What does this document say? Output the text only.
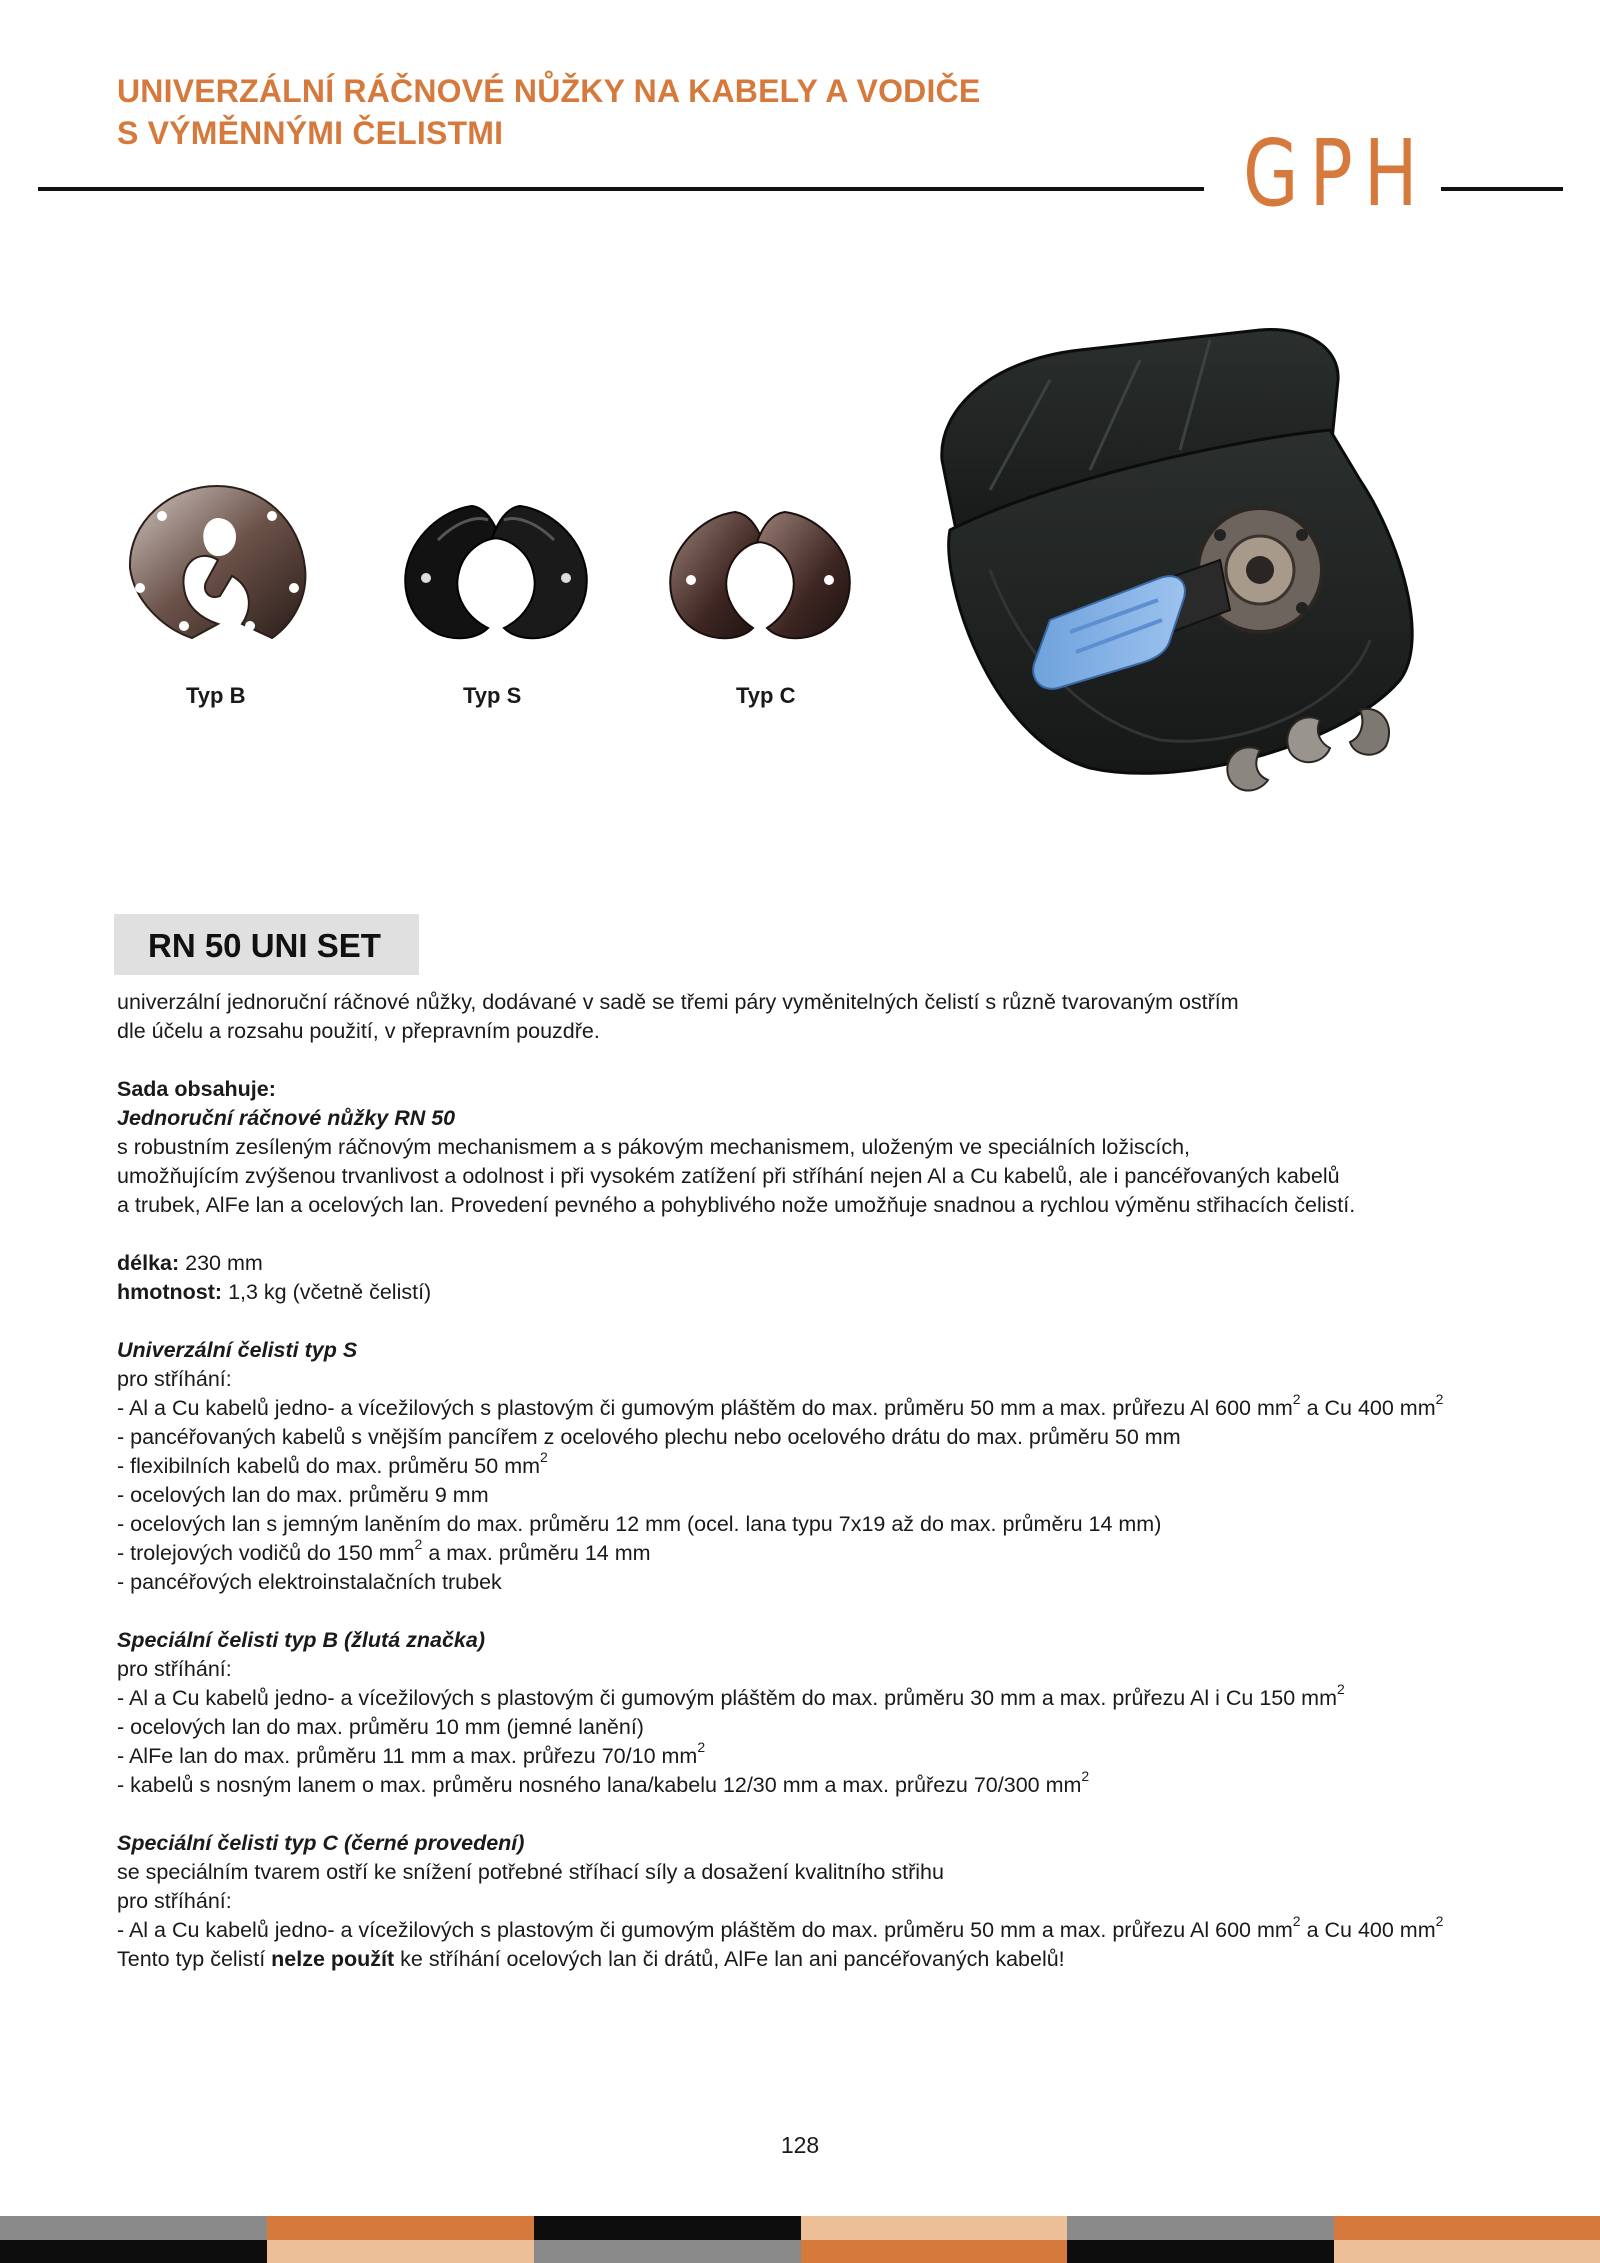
UNIVERZÁLNÍ RÁČNOVÉ NŮŽKY NA KABELY A VODIČE
S VÝMĚNNÝMI ČELISTMI	GPH
Typ B	Typ S	Typ C
RN 50 UNI SET

univerzální jednoruční ráčnové nůžky, dodávané v sadě se třemi páry vyměnitelných čelistí s různě tvarovaným ostřím

dle účelu a rozsahu použití, v přepravním pouzdře.

Sada obsahuje:

Jednoruční ráčnové nůžky RN 50

s robustním zesíleným ráčnovým mechanismem a s pákovým mechanismem, uloženým ve speciálních ložiscích,

umožňujícím zvýšenou trvanlivost a odolnost i při vysokém zatížení při stříhání nejen Al a Cu kabelů, ale i pancéřovaných kabelů

a trubek, AlFe lan a ocelových lan. Provedení pevného a pohyblivého nože umožňuje snadnou a rychlou výměnu střihacích čelistí.

délka: 230 mm

hmotnost: 1,3 kg (včetně čelistí)

Univerzální čelisti typ S

pro stříhání:

- Al a Cu kabelů jedno- a vícežilových s plastovým či gumovým pláštěm do max. průměru 50 mm a max. průřezu Al 600 $mm^2$ a Cu 400 $mm^2$

- pancéřovaných kabelů s vnějším pancířem z ocelového plechu nebo ocelového drátu do max. průměru 50 mm

- flexibilních kabelů do max. průměru 50 $mm^2$

- ocelových lan do max. průměru 9 mm

- ocelových lan s jemným laněním do max. průměru 12 mm (ocel. lana typu 7x19 až do max. průměru 14 mm)

- trolejových vodičů do 150 $mm^2$ a max. průměru 14 mm

- pancéřových elektroinstalačních trubek

Speciální čelisti typ B (žlutá značka)

pro stříhání:

- Al a Cu kabelů jedno- a vícežilových s plastovým či gumovým pláštěm do max. průměru 30 mm a max. průřezu Al i Cu 150 $mm^2$

- ocelových lan do max. průměru 10 mm (jemné lanění)

- AlFe lan do max. průměru 11 mm a max. průřezu 70/10 $mm^2$

- kabelů s nosným lanem o max. průměru nosného lana/kabelu 12/30 mm a max. průřezu 70/300 $mm^2$

Speciální čelisti typ C (černé provedení)

se speciálním tvarem ostří ke snížení potřebné stříhací síly a dosažení kvalitního střihu

pro stříhání:

- Al a Cu kabelů jedno- a vícežilových s plastovým či gumovým pláštěm do max. průměru 50 mm a max. průřezu Al 600 $mm^2$ a Cu 400 $mm^2$

Tento typ čelistí nelze použít ke stříhání ocelových lan či drátů, AlFe lan ani pancéřovaných kabelů!

128
